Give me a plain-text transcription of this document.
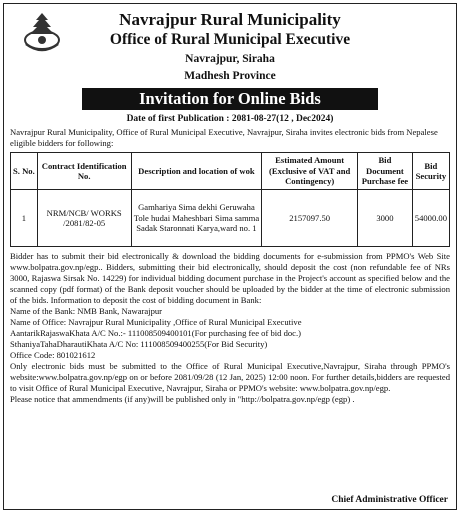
Navrajpur Rural Municipality
Office of Rural Municipal Executive
Navrajpur, Siraha
Madhesh Province
Invitation for Online Bids
Date of first Publication : 2081-08-27(12 , Dec2024)
Navrajpur Rural Municipality, Office of Rural Municipal Executive, Navrajpur, Siraha invites electronic bids from Nepalese eligible bidders for following:
S. No.	Contract Identification No.	Description and location of wok	Estimated Amount (Exclusive of VAT and Contingency)	Bid Document Purchase fee	Bid Security
1	NRM/NCB/ WORKS /2081/82-05	Gamhariya Sima dekhi Geruwaha Tole hudai Maheshbari Sima samma Sadak Staronnati Karya,ward no. 1	2157097.50	3000	54000.00

Bidder has to submit their bid electronically & download the bidding documents for e-submission from PPMO's Web Site www.bolpatra.gov.np/egp.. Bidders, submitting their bid electronically, should deposit the cost (non refundable fee of NRs 3000, Rajaswa Sirsak No. 14229) for individual bidding document purchase in the Project's account as specified below and the scanned copy (pdf format) of the Bank deposit voucher should be uploaded by the bidder at the time of electronic submission of the bids. Information to deposit the cost of bidding document in Bank:

Name of the Bank: NMB Bank, Nawarajpur

Name of Office: Navrajpur Rural Municipality ,Office of Rural Municipal Executive

AantarikRajaswaKhata A/C No.:- 111008509400101(For purchasing fee of bid doc.)

SthaniyaTahaDharautiKhata A/C No: 111008509400255(For Bid Security)

Office Code: 801021612

Only electronic bids must be submitted to the Office of Rural Municipal Executive,Navrajpur, Siraha through PPMO's website:www.bolpatra.gov.np/egp on or before 2081/09/28 (12 Jan, 2025) 12:00 noon. For further details,bidders are requested to visit Office of Rural Municipal Executive, Navrajpur, Siraha or PPMO's website: www.bolpatra.gov.np/egp.

Please notice that ammendments (if any)will be published only in "http://bolpatra.gov.np/egp (egp) .

Chief Administrative Officer
